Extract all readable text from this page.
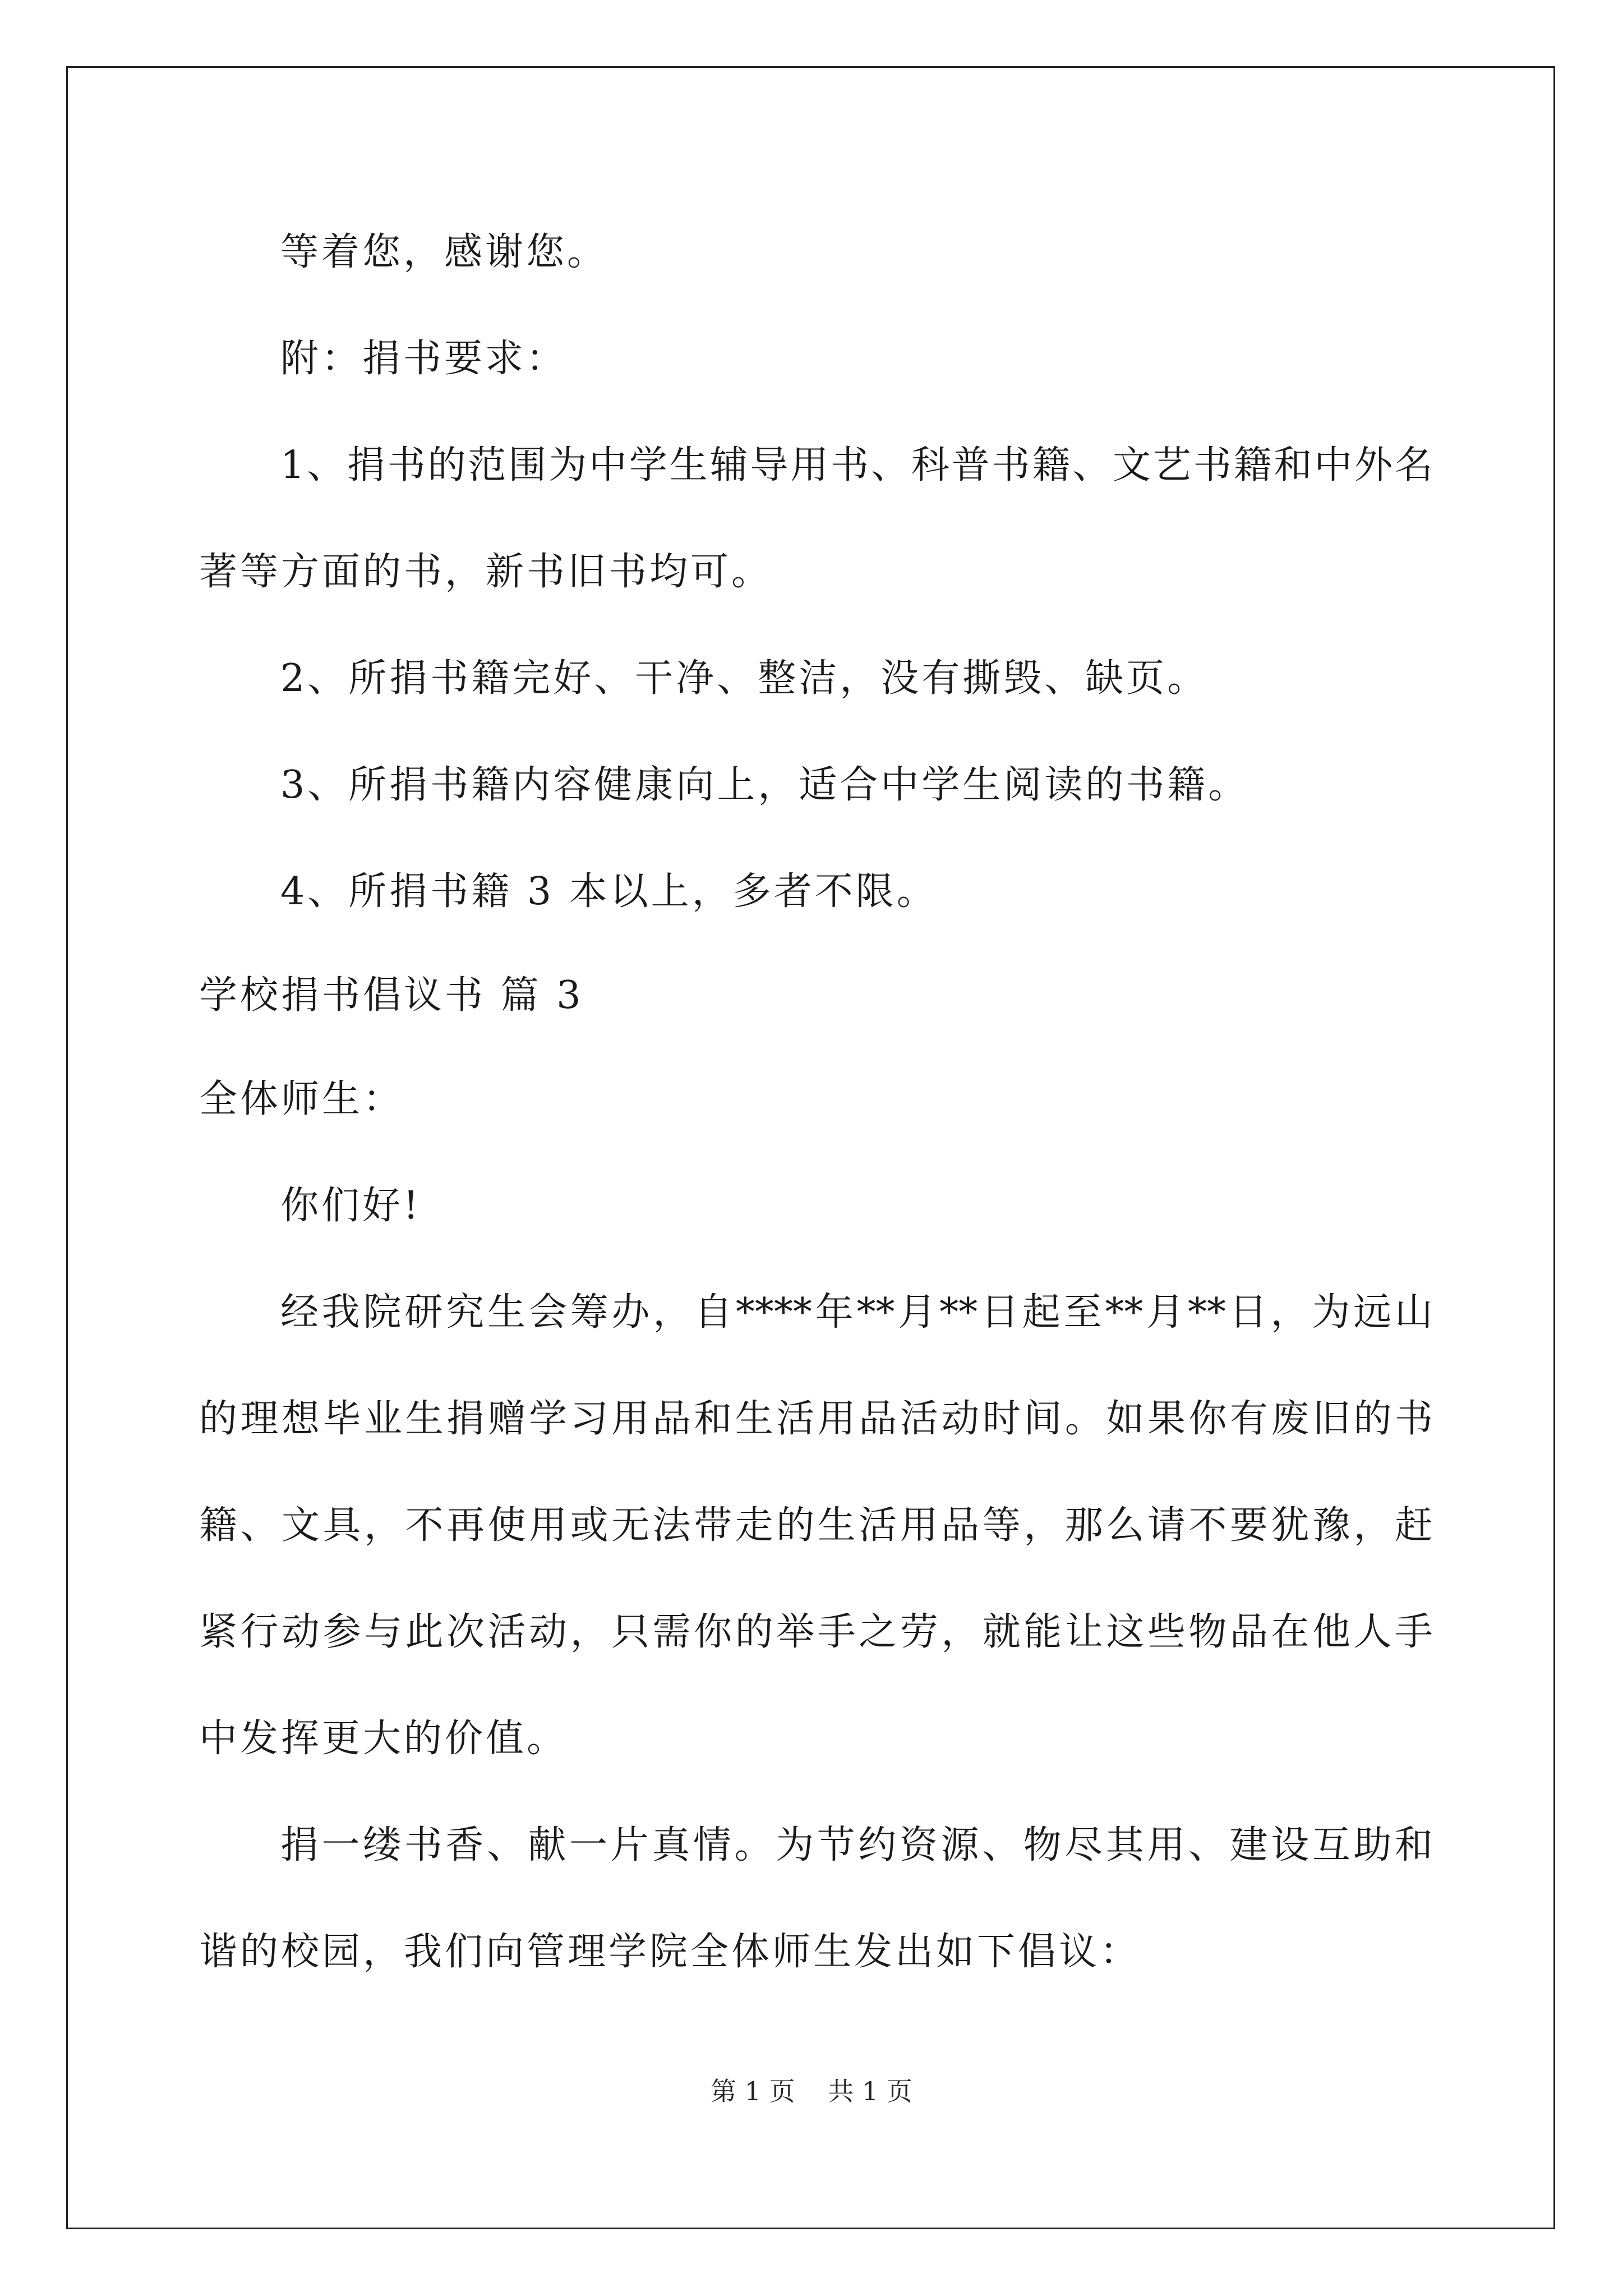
等着您，感谢您。
附：捐书要求：
1、捐书的范围为中学生辅导用书、科普书籍、文艺书籍和中外名
著等方面的书，新书旧书均可。
2、所捐书籍完好、干净、整洁，没有撕毁、缺页。
3、所捐书籍内容健康向上，适合中学生阅读的书籍。
4、所捐书籍 3 本以上，多者不限。
学校捐书倡议书 篇 3
全体师生：
你们好!
经我院研究生会筹办，自****年**月**日起至**月**日，为远山
的理想毕业生捐赠学习用品和生活用品活动时间。如果你有废旧的书
籍、文具，不再使用或无法带走的生活用品等，那么请不要犹豫，赶
紧行动参与此次活动，只需你的举手之劳，就能让这些物品在他人手
中发挥更大的价值。
捐一缕书香、献一片真情。为节约资源、物尽其用、建设互助和
谐的校园，我们向管理学院全体师生发出如下倡议：
第 1 页 共 1 页
